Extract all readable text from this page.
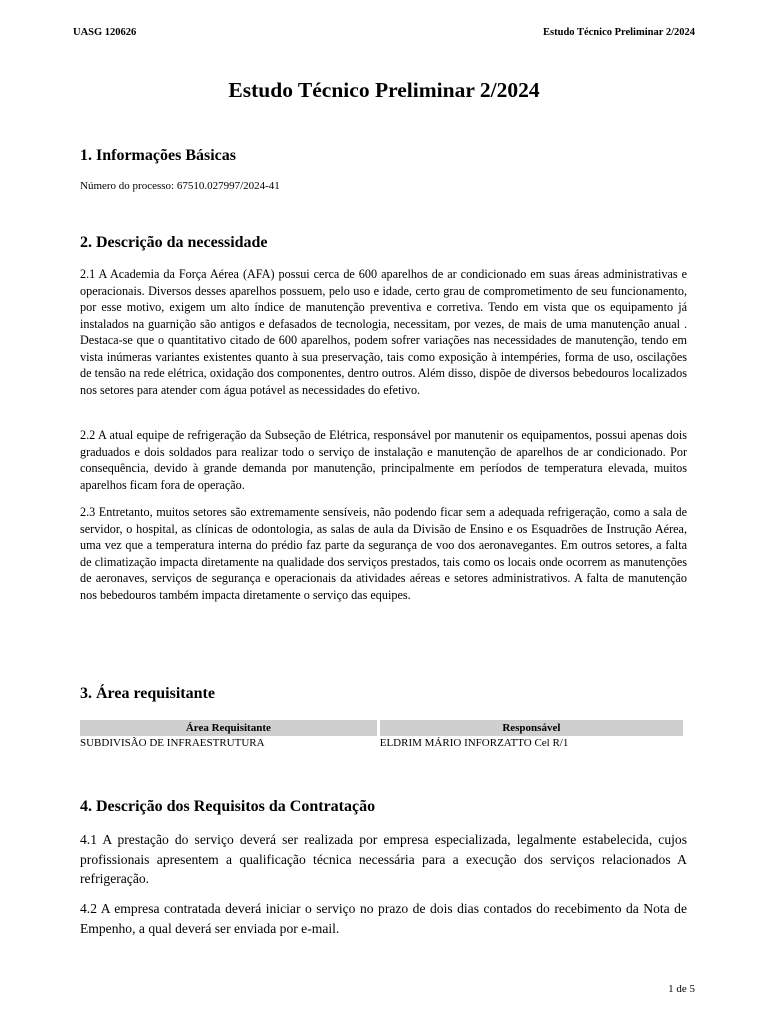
UASG 120626	Estudo Técnico Preliminar 2/2024
Estudo Técnico Preliminar 2/2024
1. Informações Básicas

Número do processo: 67510.027997/2024-41

2. Descrição da necessidade

2.1 A Academia da Força Aérea (AFA) possui cerca de 600 aparelhos de ar condicionado em suas áreas administrativas e operacionais. Diversos desses aparelhos possuem, pelo uso e idade, certo grau de comprometimento de seu funcionamento, por esse motivo, exigem um alto índice de manutenção preventiva e corretiva. Tendo em vista que os equipamento já instalados na guarnição são antigos e defasados de tecnologia, necessitam, por vezes, de mais de uma manutenção anual . Destaca-se que o quantitativo citado de 600 aparelhos, podem sofrer variações nas necessidades de manutenção, tendo em vista inúmeras variantes existentes quanto à sua preservação, tais como exposição à intempéries, forma de uso, oscilações de tensão na rede elétrica, oxidação dos componentes, dentro outros. Além disso, dispõe de diversos bebedouros localizados nos setores para atender com água potável as necessidades do efetivo.

2.2 A atual equipe de refrigeração da Subseção de Elétrica, responsável por manutenir os equipamentos, possui apenas dois graduados e dois soldados para realizar todo o serviço de instalação e manutenção de aparelhos de ar condicionado. Por consequência, devido à grande demanda por manutenção, principalmente em períodos de temperatura elevada, muitos aparelhos ficam fora de operação.

2.3 Entretanto, muitos setores são extremamente sensíveis, não podendo ficar sem a adequada refrigeração, como a sala de servidor, o hospital, as clínicas de odontologia, as salas de aula da Divisão de Ensino e os Esquadrões de Instrução Aérea, uma vez que a temperatura interna do prédio faz parte da segurança de voo dos aeronavegantes. Em outros setores, a falta de climatização impacta diretamente na qualidade dos serviços prestados, tais como os locais onde ocorrem as manutenções de aeronaves, serviços de segurança e operacionais da atividades aéreas e setores administrativos. A falta de manutenção nos bebedouros também impacta diretamente o serviço das equipes.

3. Área requisitante
Área Requisitante	Responsável
SUBDIVISÃO DE INFRAESTRUTURA	ELDRIM MÁRIO INFORZATTO Cel R/1
4. Descrição dos Requisitos da Contratação

4.1 A prestação do serviço deverá ser realizada por empresa especializada, legalmente estabelecida, cujos profissionais apresentem a qualificação técnica necessária para a execução dos serviços relacionados A refrigeração.

4.2 A empresa contratada deverá iniciar o serviço no prazo de dois dias contados do recebimento da Nota de Empenho, a qual deverá ser enviada por e-mail.

1 de 5
